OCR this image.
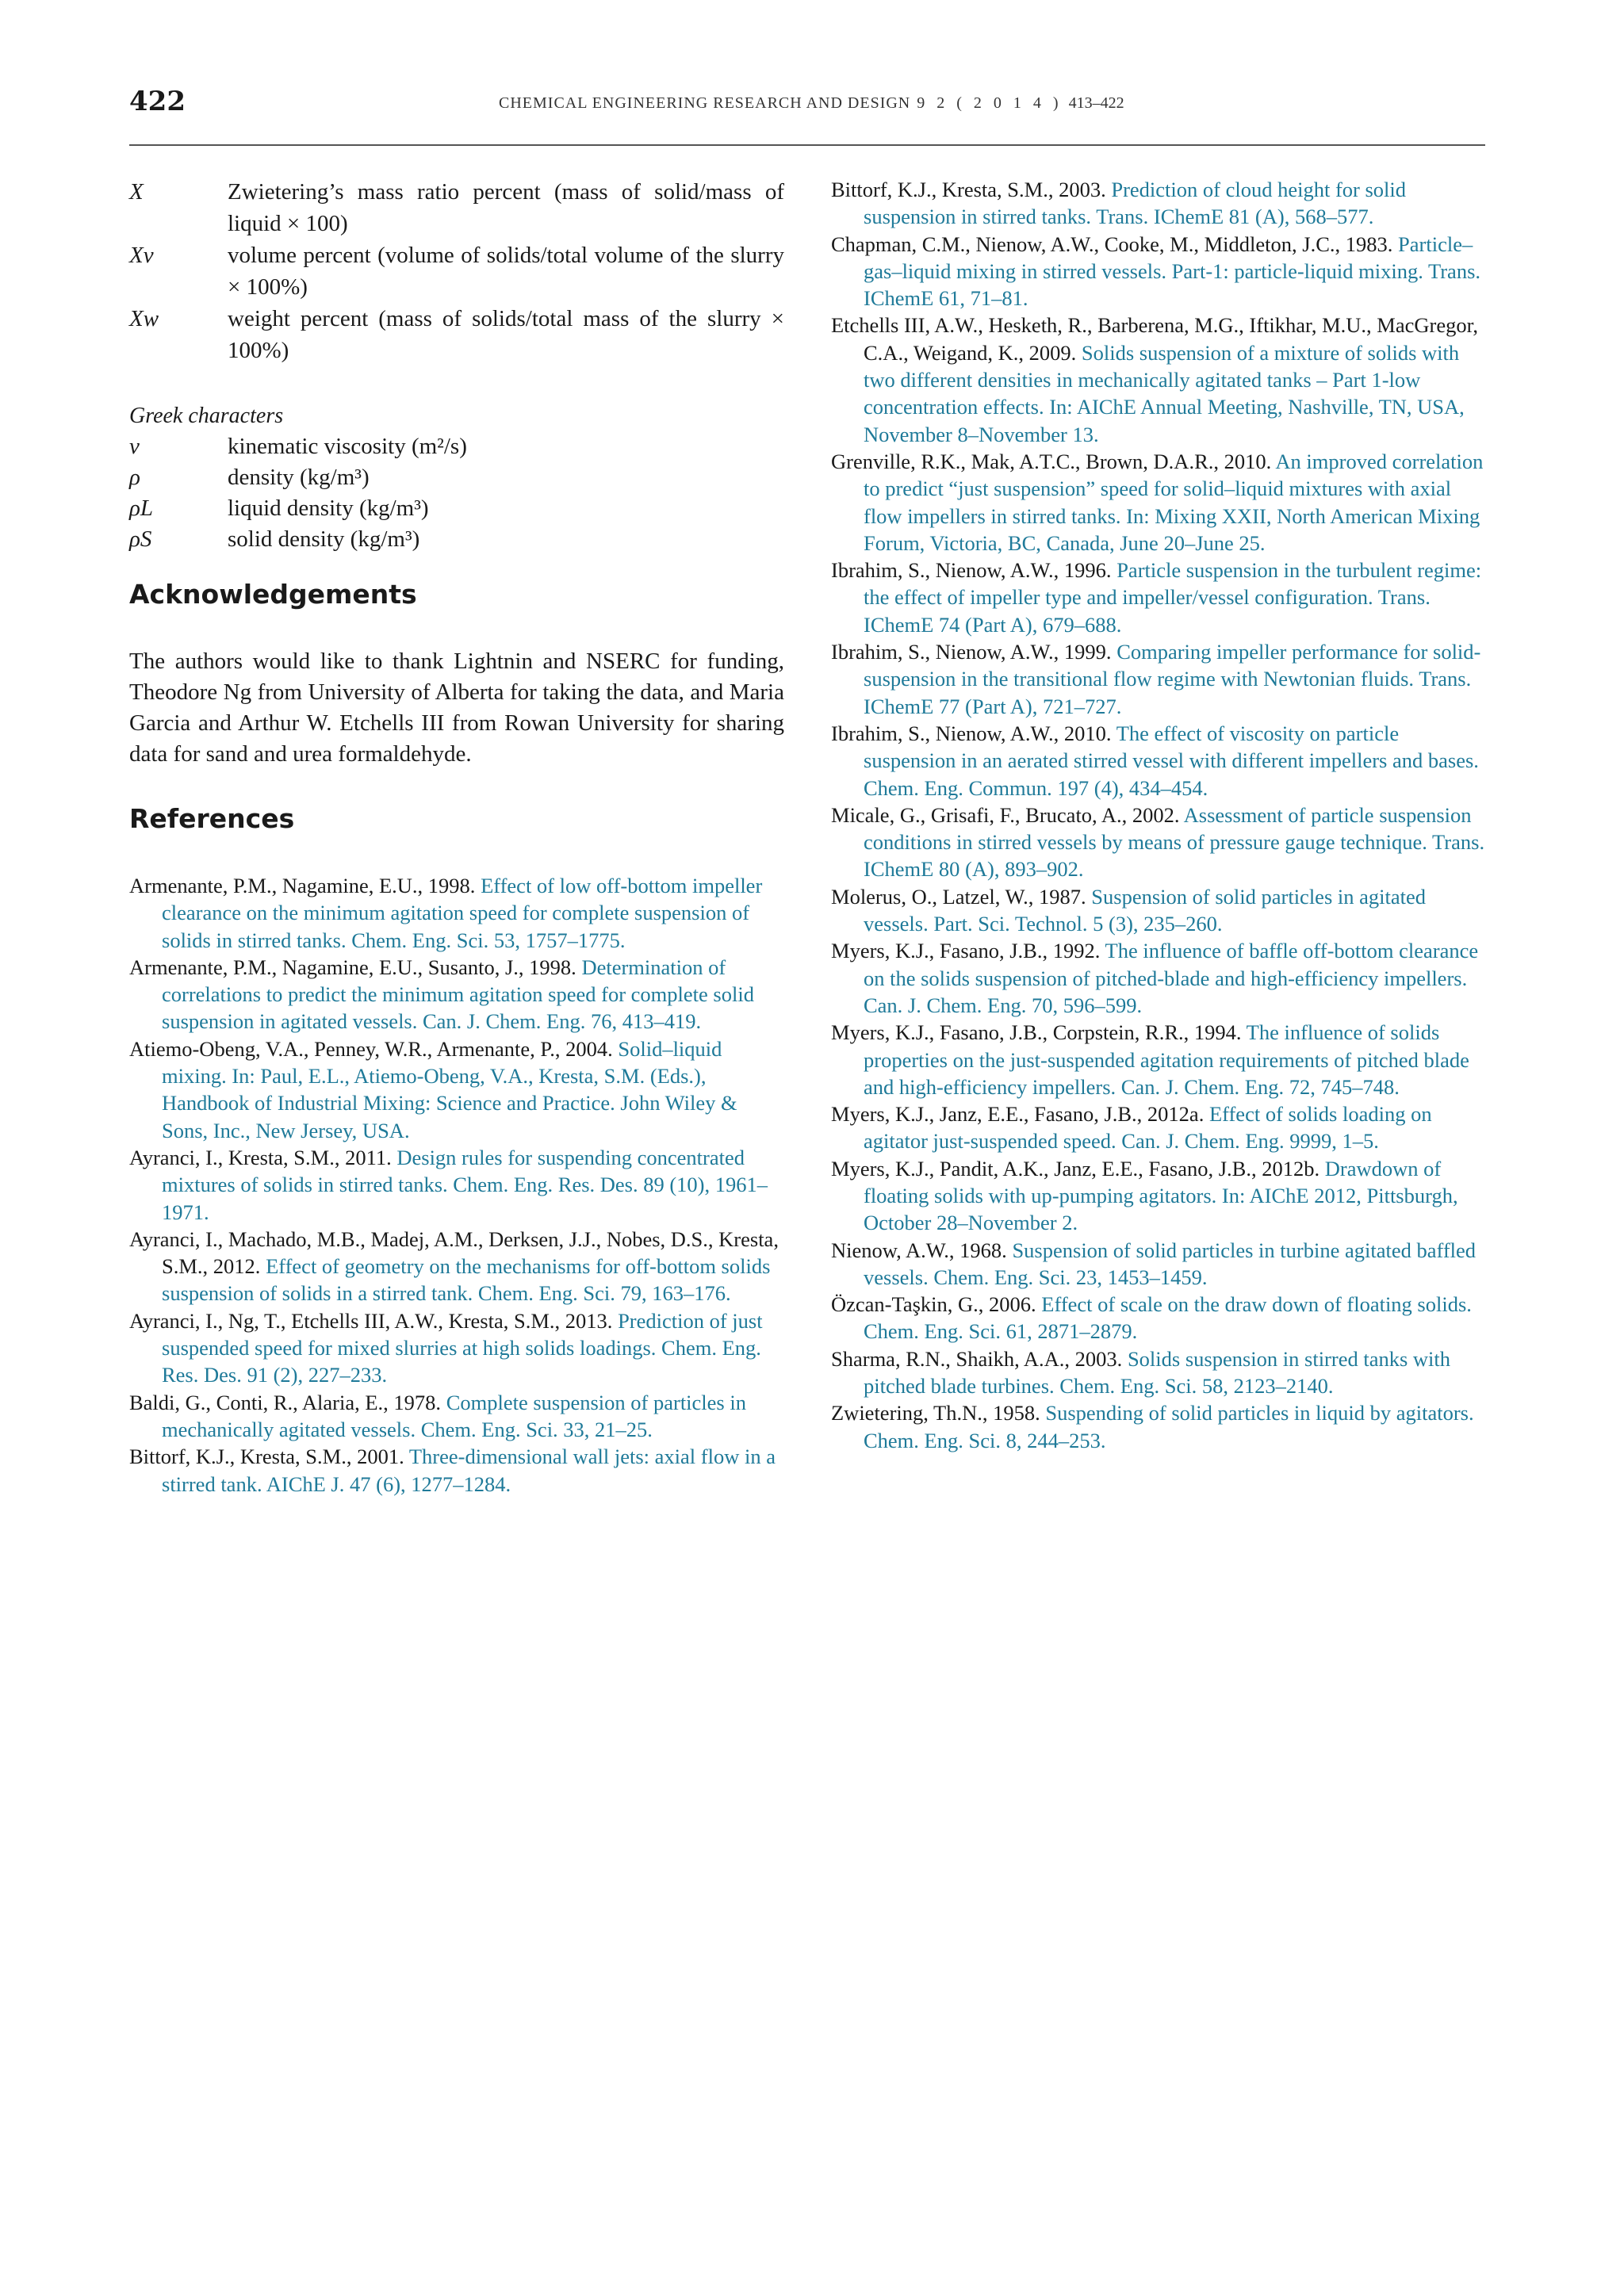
422	CHEMICAL ENGINEERING RESEARCH AND DESIGN 9 2 ( 2 0 1 4 ) 413–422
X	Zwietering’s mass ratio percent (mass of solid/mass of liquid × 100)
Xv	volume percent (volume of solids/total volume of the slurry × 100%)
Xw	weight percent (mass of solids/total mass of the slurry × 100%)
Greek characters
ν	kinematic viscosity (m²/s)
ρ	density (kg/m³)
ρL	liquid density (kg/m³)
ρS	solid density (kg/m³)
Acknowledgements

The authors would like to thank Lightnin and NSERC for funding, Theodore Ng from University of Alberta for taking the data, and Maria Garcia and Arthur W. Etchells III from Rowan University for sharing data for sand and urea formaldehyde.

References
Armenante, P.M., Nagamine, E.U., 1998. Effect of low off-bottom impeller clearance on the minimum agitation speed for complete suspension of solids in stirred tanks. Chem. Eng. Sci. 53, 1757–1775.
Armenante, P.M., Nagamine, E.U., Susanto, J., 1998. Determination of correlations to predict the minimum agitation speed for complete solid suspension in agitated vessels. Can. J. Chem. Eng. 76, 413–419.
Atiemo-Obeng, V.A., Penney, W.R., Armenante, P., 2004. Solid–liquid mixing. In: Paul, E.L., Atiemo-Obeng, V.A., Kresta, S.M. (Eds.), Handbook of Industrial Mixing: Science and Practice. John Wiley & Sons, Inc., New Jersey, USA.
Ayranci, I., Kresta, S.M., 2011. Design rules for suspending concentrated mixtures of solids in stirred tanks. Chem. Eng. Res. Des. 89 (10), 1961–1971.
Ayranci, I., Machado, M.B., Madej, A.M., Derksen, J.J., Nobes, D.S., Kresta, S.M., 2012. Effect of geometry on the mechanisms for off-bottom solids suspension of solids in a stirred tank. Chem. Eng. Sci. 79, 163–176.
Ayranci, I., Ng, T., Etchells III, A.W., Kresta, S.M., 2013. Prediction of just suspended speed for mixed slurries at high solids loadings. Chem. Eng. Res. Des. 91 (2), 227–233.
Baldi, G., Conti, R., Alaria, E., 1978. Complete suspension of particles in mechanically agitated vessels. Chem. Eng. Sci. 33, 21–25.
Bittorf, K.J., Kresta, S.M., 2001. Three-dimensional wall jets: axial flow in a stirred tank. AIChE J. 47 (6), 1277–1284.
Bittorf, K.J., Kresta, S.M., 2003. Prediction of cloud height for solid suspension in stirred tanks. Trans. IChemE 81 (A), 568–577.
Chapman, C.M., Nienow, A.W., Cooke, M., Middleton, J.C., 1983. Particle–gas–liquid mixing in stirred vessels. Part-1: particle-liquid mixing. Trans. IChemE 61, 71–81.
Etchells III, A.W., Hesketh, R., Barberena, M.G., Iftikhar, M.U., MacGregor, C.A., Weigand, K., 2009. Solids suspension of a mixture of solids with two different densities in mechanically agitated tanks – Part 1-low concentration effects. In: AIChE Annual Meeting, Nashville, TN, USA, November 8–November 13.
Grenville, R.K., Mak, A.T.C., Brown, D.A.R., 2010. An improved correlation to predict “just suspension” speed for solid–liquid mixtures with axial flow impellers in stirred tanks. In: Mixing XXII, North American Mixing Forum, Victoria, BC, Canada, June 20–June 25.
Ibrahim, S., Nienow, A.W., 1996. Particle suspension in the turbulent regime: the effect of impeller type and impeller/vessel configuration. Trans. IChemE 74 (Part A), 679–688.
Ibrahim, S., Nienow, A.W., 1999. Comparing impeller performance for solid-suspension in the transitional flow regime with Newtonian fluids. Trans. IChemE 77 (Part A), 721–727.
Ibrahim, S., Nienow, A.W., 2010. The effect of viscosity on particle suspension in an aerated stirred vessel with different impellers and bases. Chem. Eng. Commun. 197 (4), 434–454.
Micale, G., Grisafi, F., Brucato, A., 2002. Assessment of particle suspension conditions in stirred vessels by means of pressure gauge technique. Trans. IChemE 80 (A), 893–902.
Molerus, O., Latzel, W., 1987. Suspension of solid particles in agitated vessels. Part. Sci. Technol. 5 (3), 235–260.
Myers, K.J., Fasano, J.B., 1992. The influence of baffle off-bottom clearance on the solids suspension of pitched-blade and high-efficiency impellers. Can. J. Chem. Eng. 70, 596–599.
Myers, K.J., Fasano, J.B., Corpstein, R.R., 1994. The influence of solids properties on the just-suspended agitation requirements of pitched blade and high-efficiency impellers. Can. J. Chem. Eng. 72, 745–748.
Myers, K.J., Janz, E.E., Fasano, J.B., 2012a. Effect of solids loading on agitator just-suspended speed. Can. J. Chem. Eng. 9999, 1–5.
Myers, K.J., Pandit, A.K., Janz, E.E., Fasano, J.B., 2012b. Drawdown of floating solids with up-pumping agitators. In: AIChE 2012, Pittsburgh, October 28–November 2.
Nienow, A.W., 1968. Suspension of solid particles in turbine agitated baffled vessels. Chem. Eng. Sci. 23, 1453–1459.
Özcan-Taşkin, G., 2006. Effect of scale on the draw down of floating solids. Chem. Eng. Sci. 61, 2871–2879.
Sharma, R.N., Shaikh, A.A., 2003. Solids suspension in stirred tanks with pitched blade turbines. Chem. Eng. Sci. 58, 2123–2140.
Zwietering, Th.N., 1958. Suspending of solid particles in liquid by agitators. Chem. Eng. Sci. 8, 244–253.
